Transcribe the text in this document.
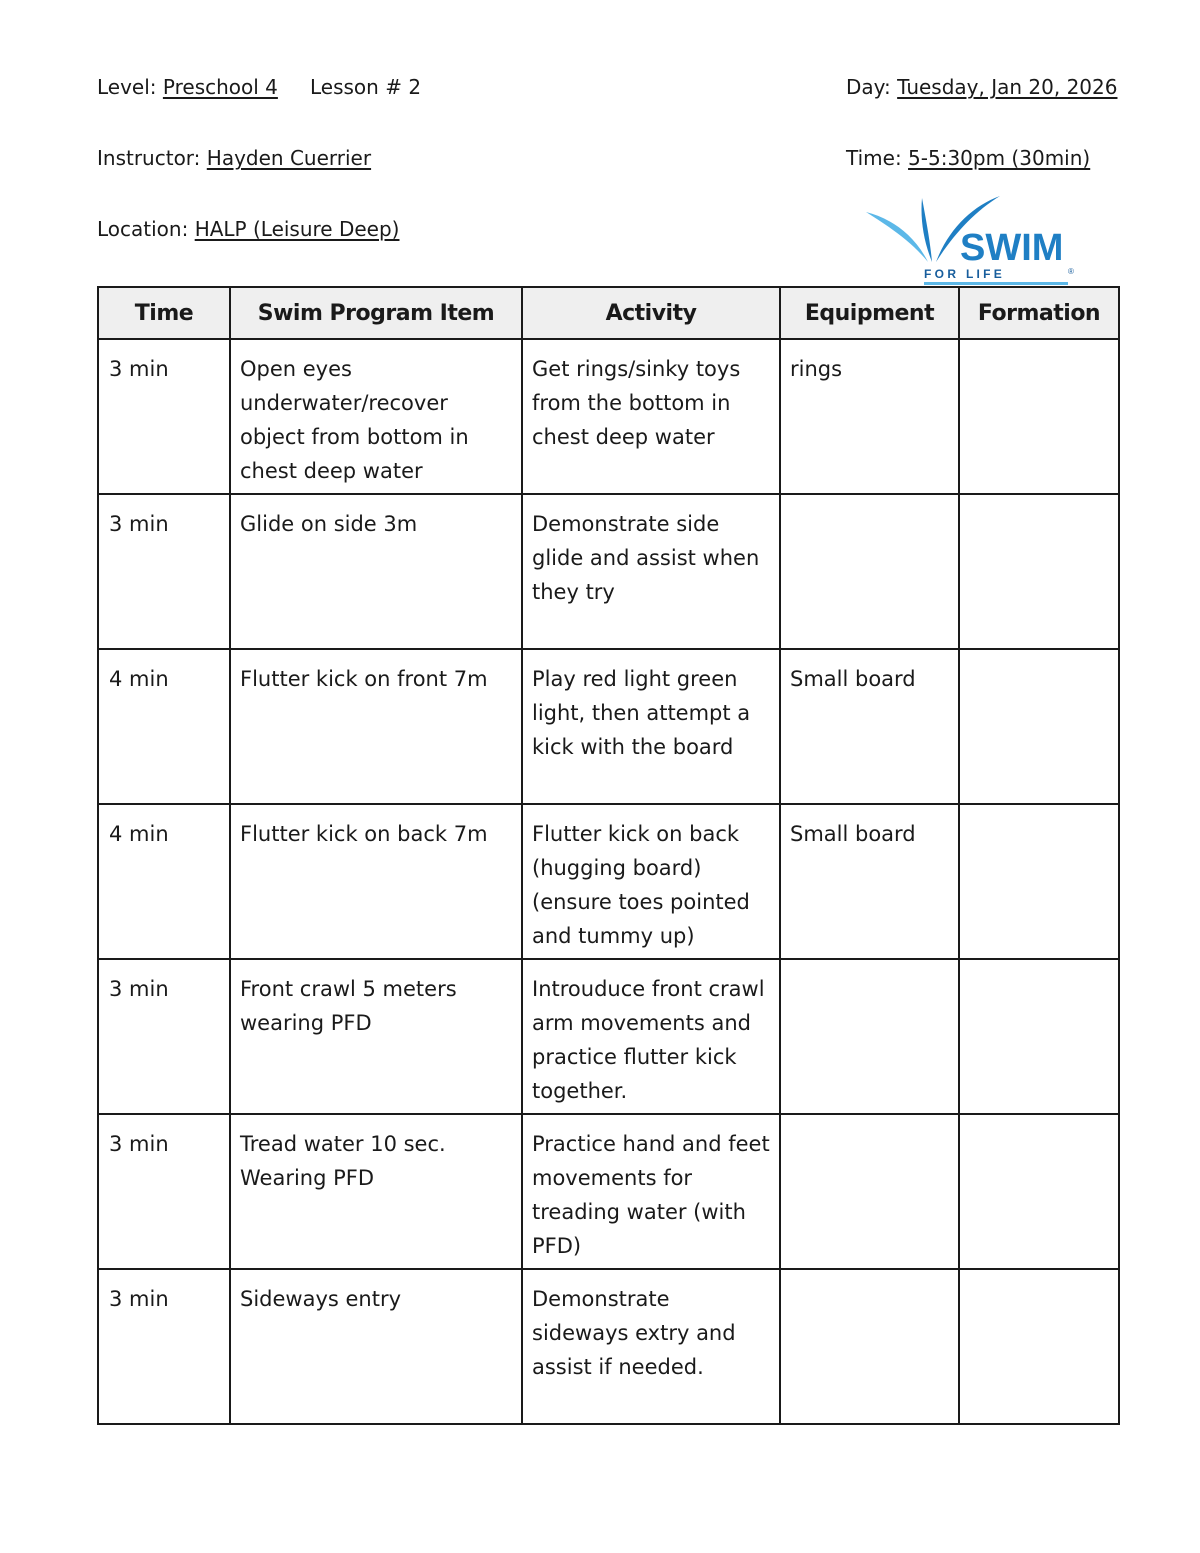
Level: Preschool 4 Lesson # 2	Day: Tuesday, Jan 20, 2026
Instructor: Hayden Cuerrier	Time: 5-5:30pm (30min)
Location: HALP (Leisure Deep)	SWIM
F O R   L I F E	®
Time	Swim Program Item	Activity	Equipment	Formation
3 min	Open eyes underwater/recover object from bottom in chest deep water	Get rings/sinky toys from the bottom in chest deep water	rings	
3 min	Glide on side 3m	Demonstrate side glide and assist when they try		
4 min	Flutter kick on front 7m	Play red light green light, then attempt a kick with the board	Small board	
4 min	Flutter kick on back 7m	Flutter kick on back (hugging board) (ensure toes pointed and tummy up)	Small board	
3 min	Front crawl 5 meters wearing PFD	Introuduce front crawl arm movements and practice flutter kick together.		
3 min	Tread water 10 sec. Wearing PFD	Practice hand and feet movements for treading water (with PFD)		
3 min	Sideways entry	Demonstrate sideways extry and assist if needed.		
